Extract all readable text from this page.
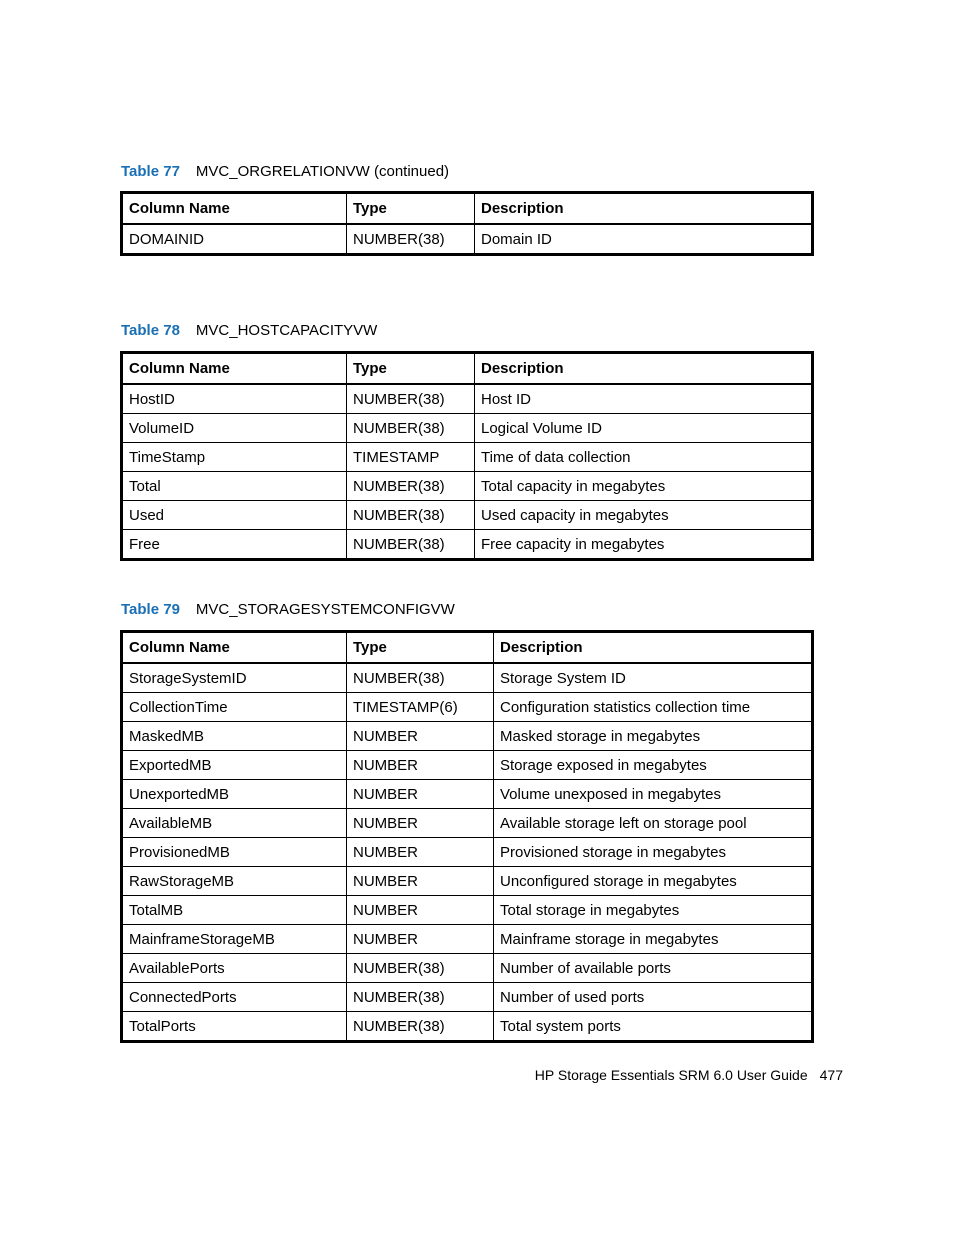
Table 77 MVC_ORGRELATIONVW (continued)
Column Name	Type	Description
DOMAINID	NUMBER(38)	Domain ID
Table 78 MVC_HOSTCAPACITYVW
Column Name	Type	Description
HostID	NUMBER(38)	Host ID
VolumeID	NUMBER(38)	Logical Volume ID
TimeStamp	TIMESTAMP	Time of data collection
Total	NUMBER(38)	Total capacity in megabytes
Used	NUMBER(38)	Used capacity in megabytes
Free	NUMBER(38)	Free capacity in megabytes
Table 79 MVC_STORAGESYSTEMCONFIGVW
Column Name	Type	Description
StorageSystemID	NUMBER(38)	Storage System ID
CollectionTime	TIMESTAMP(6)	Configuration statistics collection time
MaskedMB	NUMBER	Masked storage in megabytes
ExportedMB	NUMBER	Storage exposed in megabytes
UnexportedMB	NUMBER	Volume unexposed in megabytes
AvailableMB	NUMBER	Available storage left on storage pool
ProvisionedMB	NUMBER	Provisioned storage in megabytes
RawStorageMB	NUMBER	Unconfigured storage in megabytes
TotalMB	NUMBER	Total storage in megabytes
MainframeStorageMB	NUMBER	Mainframe storage in megabytes
AvailablePorts	NUMBER(38)	Number of available ports
ConnectedPorts	NUMBER(38)	Number of used ports
TotalPorts	NUMBER(38)	Total system ports
HP Storage Essentials SRM 6.0 User Guide 477
